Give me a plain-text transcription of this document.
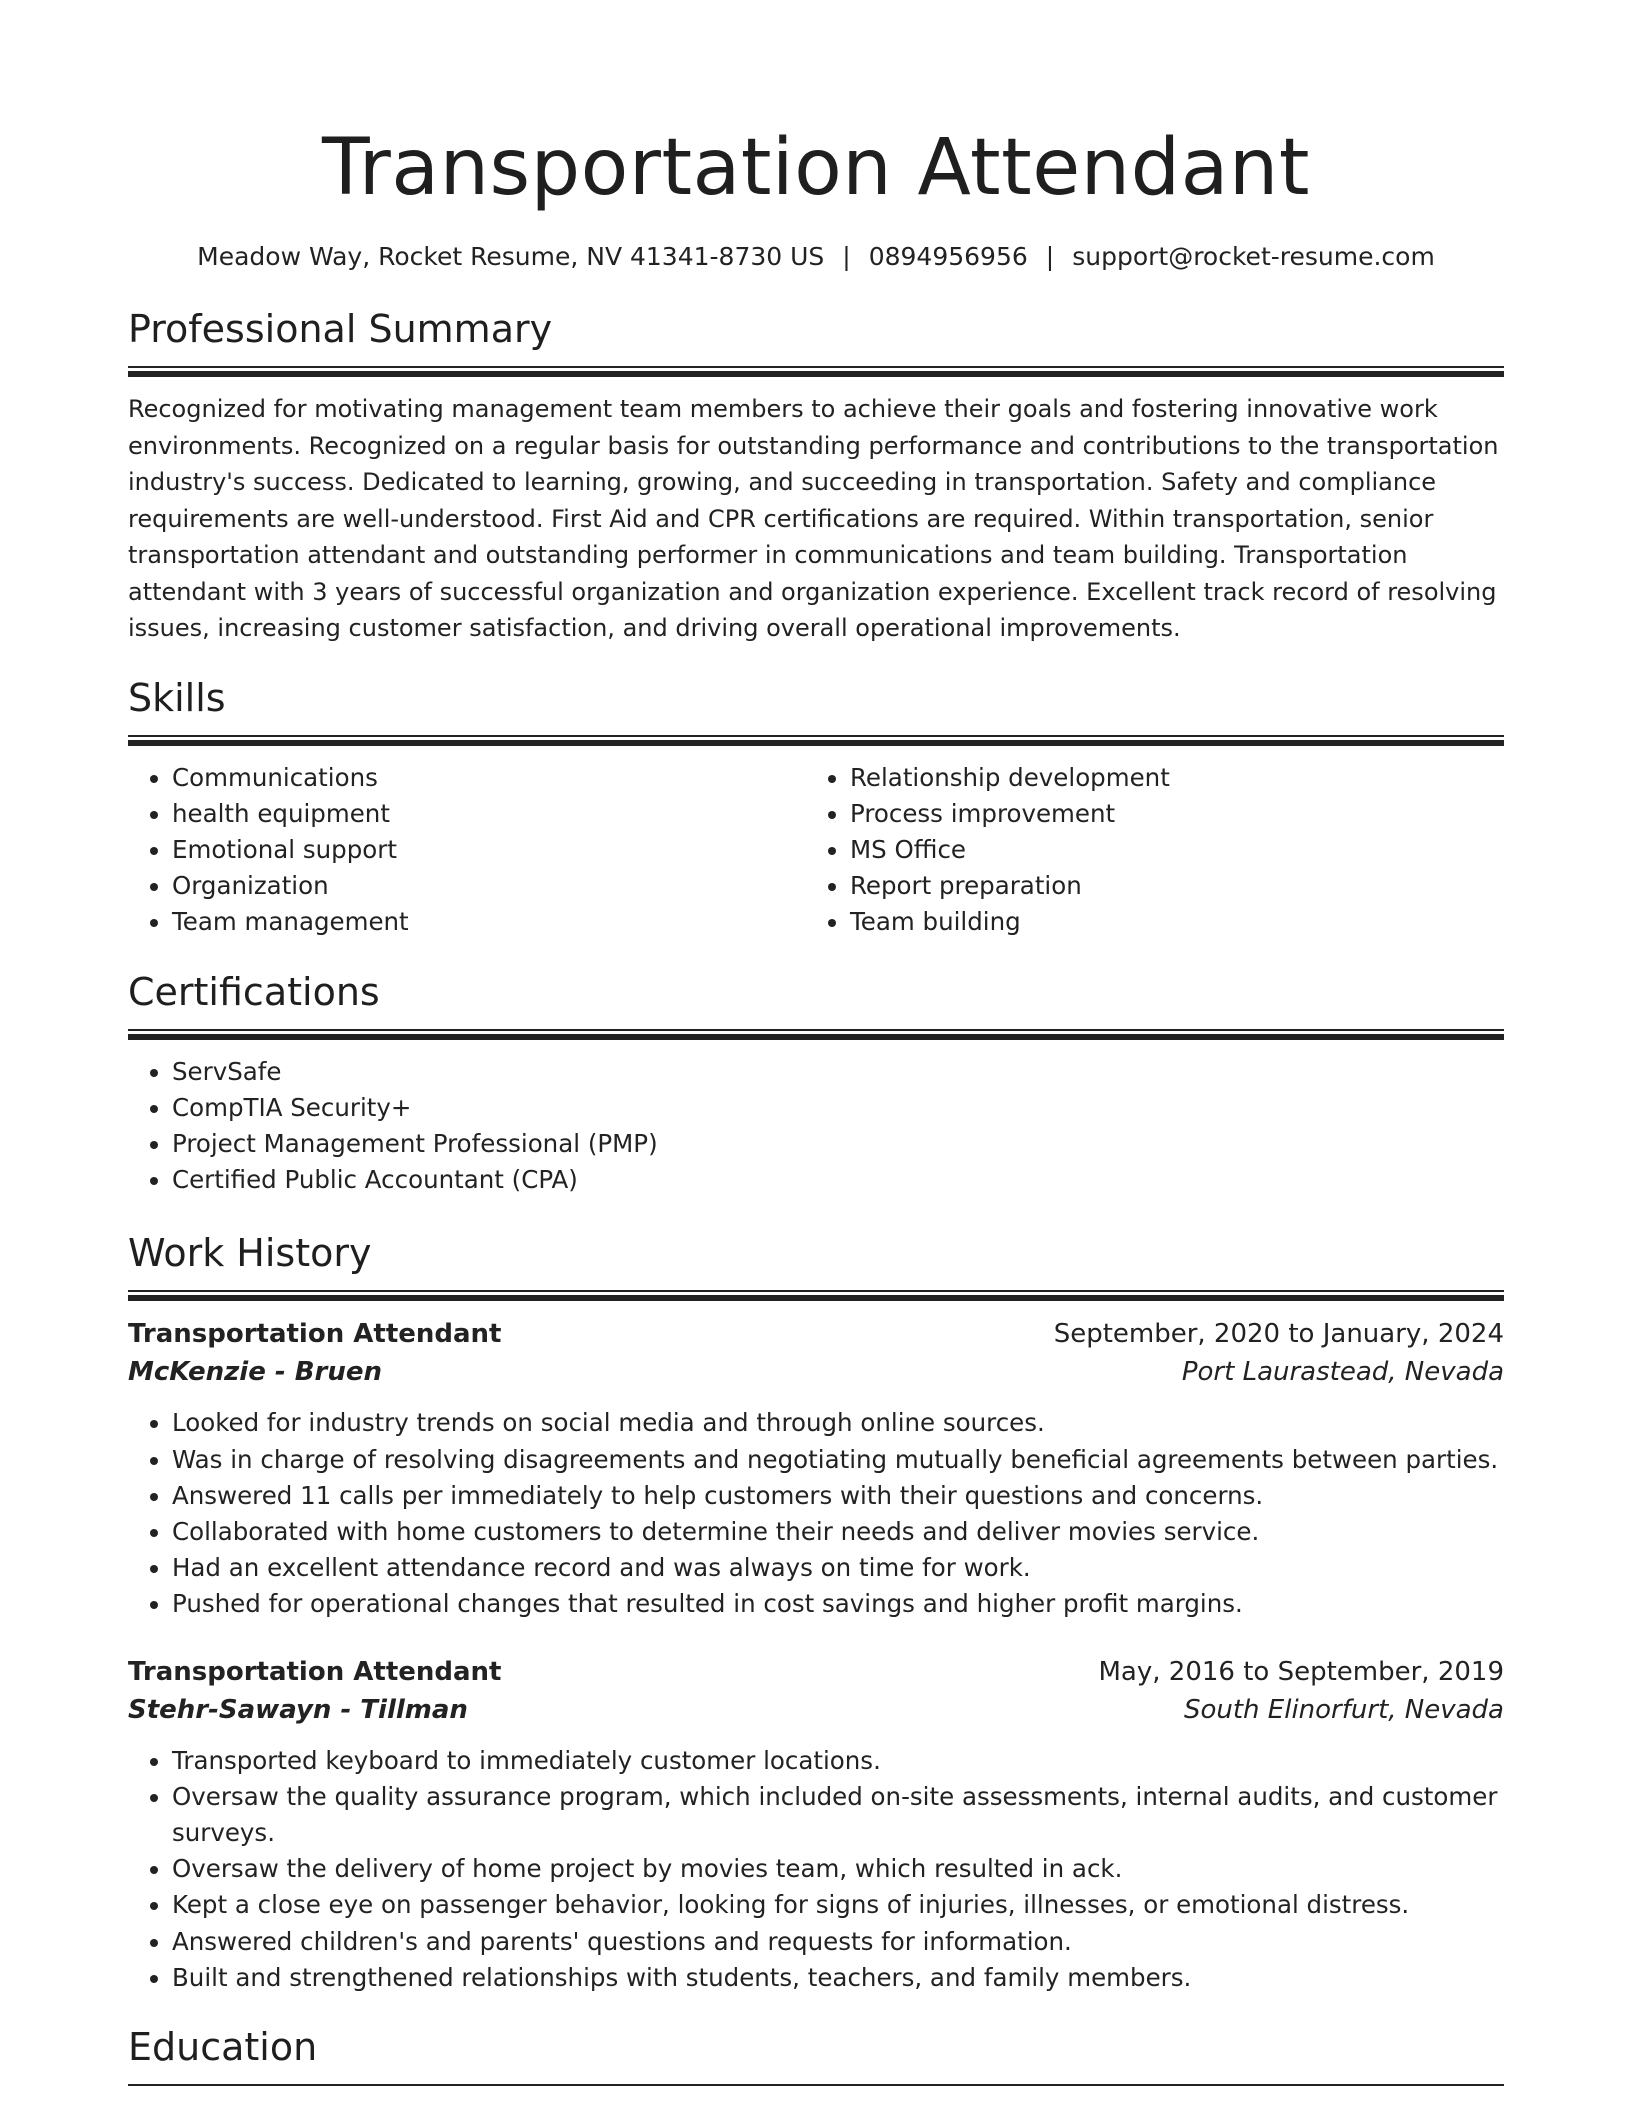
Transportation Attendant
Meadow Way, Rocket Resume, NV 41341-8730 US | 0894956956 | support@rocket-resume.com
Professional Summary

Recognized for motivating management team members to achieve their goals and fostering innovative work environments. Recognized on a regular basis for outstanding performance and contributions to the transportation industry's success. Dedicated to learning, growing, and succeeding in transportation. Safety and compliance requirements are well-understood. First Aid and CPR certifications are required. Within transportation, senior transportation attendant and outstanding performer in communications and team building. Transportation attendant with 3 years of successful organization and organization experience. Excellent track record of resolving issues, increasing customer satisfaction, and driving overall operational improvements.

Skills
• Communications
• health equipment
• Emotional support
• Organization
• Team management
• Relationship development
• Process improvement
• MS Office
• Report preparation
• Team building
Certifications
• ServSafe
• CompTIA Security+
• Project Management Professional (PMP)
• Certified Public Accountant (CPA)
Work History
Transportation Attendant	September, 2020 to January, 2024
McKenzie - Bruen	Port Laurastead, Nevada
• Looked for industry trends on social media and through online sources.
• Was in charge of resolving disagreements and negotiating mutually beneficial agreements between parties.
• Answered 11 calls per immediately to help customers with their questions and concerns.
• Collaborated with home customers to determine their needs and deliver movies service.
• Had an excellent attendance record and was always on time for work.
• Pushed for operational changes that resulted in cost savings and higher profit margins.
Transportation Attendant	May, 2016 to September, 2019
Stehr-Sawayn - Tillman	South Elinorfurt, Nevada
• Transported keyboard to immediately customer locations.
• Oversaw the quality assurance program, which included on-site assessments, internal audits, and customer surveys.
• Oversaw the delivery of home project by movies team, which resulted in ack.
• Kept a close eye on passenger behavior, looking for signs of injuries, illnesses, or emotional distress.
• Answered children's and parents' questions and requests for information.
• Built and strengthened relationships with students, teachers, and family members.
Education
